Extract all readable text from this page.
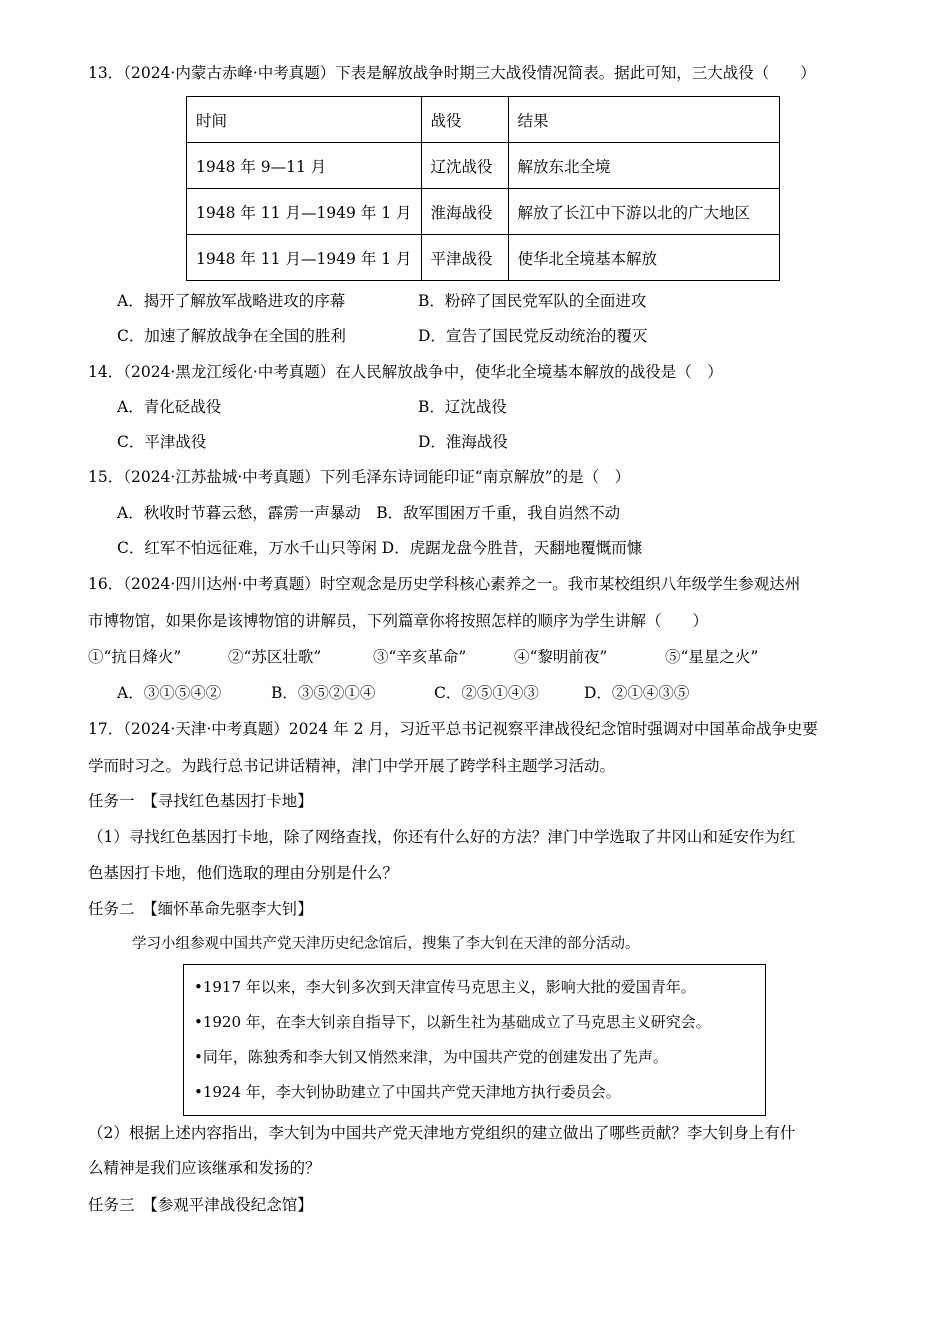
13．（2024·内蒙古赤峰·中考真题）下表是解放战争时期三大战役情况简表。据此可知，三大战役（　　）
时间	战役	结果
1948 年 9—11 月	辽沈战役	解放东北全境
1948 年 11 月—1949 年 1 月	淮海战役	解放了长江中下游以北的广大地区
1948 年 11 月—1949 年 1 月	平津战役	使华北全境基本解放
A．揭开了解放军战略进攻的序幕	B．粉碎了国民党军队的全面进攻
C．加速了解放战争在全国的胜利	D．宣告了国民党反动统治的覆灭
14．（2024·黑龙江绥化·中考真题）在人民解放战争中，使华北全境基本解放的战役是（　）
A．青化砭战役	B．辽沈战役
C．平津战役	D．淮海战役
15．（2024·江苏盐城·中考真题）下列毛泽东诗词能印证“南京解放”的是（　）
A．秋收时节暮云愁，霹雳一声暴动　B．敌军围困万千重，我自岿然不动
C．红军不怕远征难，万水千山只等闲 D．虎踞龙盘今胜昔，天翻地覆慨而慷
16．（2024·四川达州·中考真题）时空观念是历史学科核心素养之一。我市某校组织八年级学生参观达州
市博物馆，如果你是该博物馆的讲解员，下列篇章你将按照怎样的顺序为学生讲解（　　）
①“抗日烽火”	②“苏区壮歌”	③“辛亥革命”	④“黎明前夜”	⑤“星星之火”
A．③①⑤④②	B．③⑤②①④	C．②⑤①④③	D．②①④③⑤
17．（2024·天津·中考真题）2024 年 2 月，习近平总书记视察平津战役纪念馆时强调对中国革命战争史要
学而时习之。为践行总书记讲话精神，津门中学开展了跨学科主题学习活动。
任务一　【寻找红色基因打卡地】
（1）寻找红色基因打卡地，除了网络查找，你还有什么好的方法？津门中学选取了井冈山和延安作为红
色基因打卡地，他们选取的理由分别是什么？
任务二　【缅怀革命先驱李大钊】
学习小组参观中国共产党天津历史纪念馆后，搜集了李大钊在天津的部分活动。
•1917 年以来，李大钊多次到天津宣传马克思主义，影响大批的爱国青年。
•1920 年，在李大钊亲自指导下，以新生社为基础成立了马克思主义研究会。
•同年，陈独秀和李大钊又悄然来津，为中国共产党的创建发出了先声。
•1924 年，李大钊协助建立了中国共产党天津地方执行委员会。
（2）根据上述内容指出，李大钊为中国共产党天津地方党组织的建立做出了哪些贡献？李大钊身上有什
么精神是我们应该继承和发扬的？
任务三　【参观平津战役纪念馆】
